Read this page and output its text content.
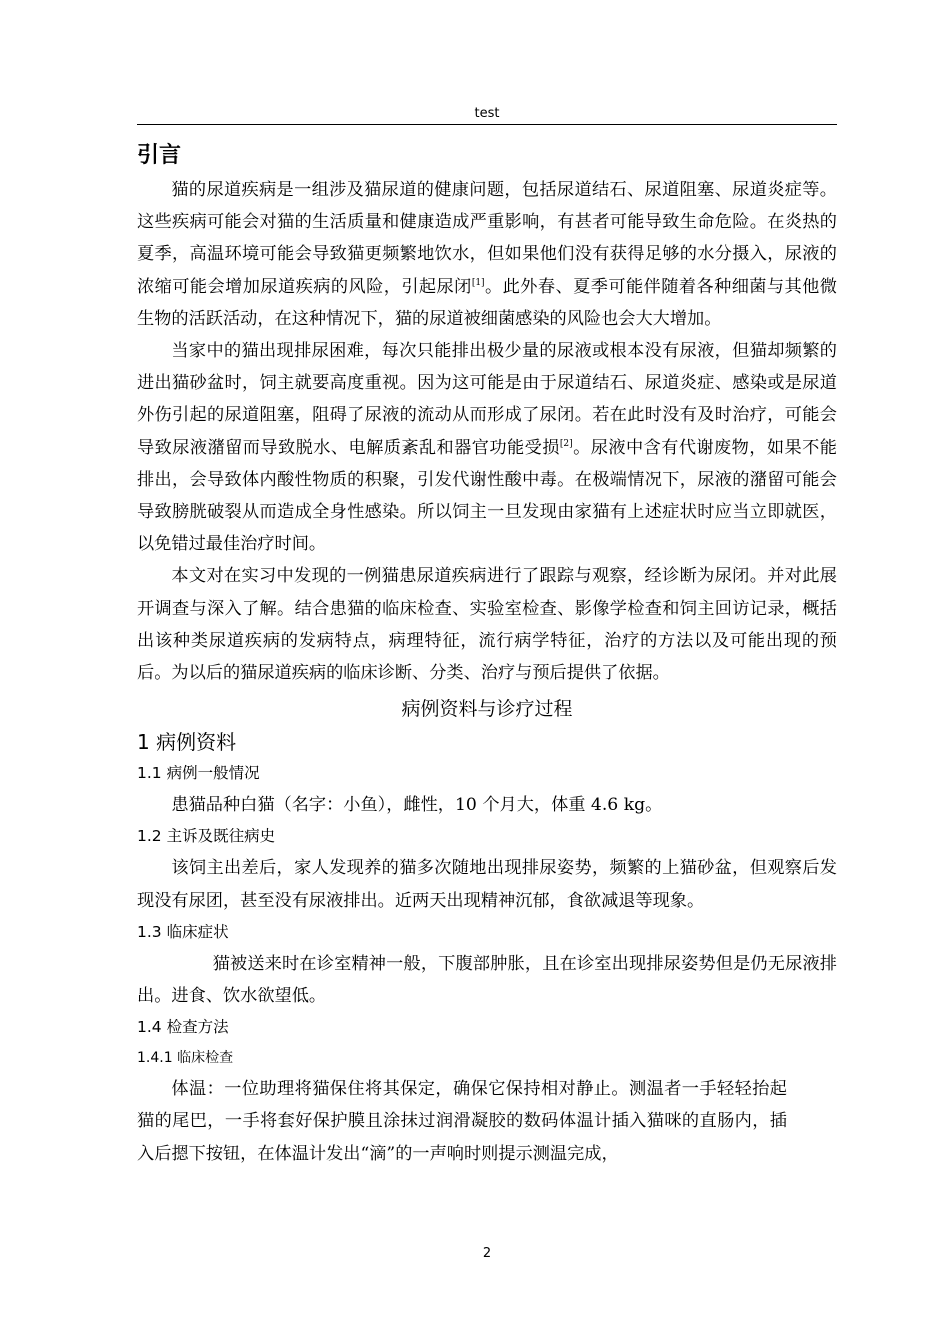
test
引言

猫的尿道疾病是一组涉及猫尿道的健康问题，包括尿道结石、尿道阻塞、尿道炎症等。这些疾病可能会对猫的生活质量和健康造成严重影响，有甚者可能导致生命危险。在炎热的夏季，高温环境可能会导致猫更频繁地饮水，但如果他们没有获得足够的水分摄入，尿液的浓缩可能会增加尿道疾病的风险，引起尿闭[1]。此外春、夏季可能伴随着各种细菌与其他微生物的活跃活动，在这种情况下，猫的尿道被细菌感染的风险也会大大增加。

当家中的猫出现排尿困难，每次只能排出极少量的尿液或根本没有尿液，但猫却频繁的进出猫砂盆时，饲主就要高度重视。因为这可能是由于尿道结石、尿道炎症、感染或是尿道外伤引起的尿道阻塞，阻碍了尿液的流动从而形成了尿闭。若在此时没有及时治疗，可能会导致尿液潴留而导致脱水、电解质紊乱和器官功能受损[2]。尿液中含有代谢废物，如果不能排出，会导致体内酸性物质的积聚，引发代谢性酸中毒。在极端情况下，尿液的潴留可能会导致膀胱破裂从而造成全身性感染。所以饲主一旦发现由家猫有上述症状时应当立即就医，以免错过最佳治疗时间。

本文对在实习中发现的一例猫患尿道疾病进行了跟踪与观察，经诊断为尿闭。并对此展开调查与深入了解。结合患猫的临床检查、实验室检查、影像学检查和饲主回访记录，概括出该种类尿道疾病的发病特点，病理特征，流行病学特征，治疗的方法以及可能出现的预后。为以后的猫尿道疾病的临床诊断、分类、治疗与预后提供了依据。

病例资料与诊疗过程
1 病例资料
1.1 病例一般情况

患猫品种白猫（名字：小鱼），雌性，10 个月大，体重 4.6 kg。

1.2 主诉及既往病史

该饲主出差后，家人发现养的猫多次随地出现排尿姿势，频繁的上猫砂盆，但观察后发现没有尿团，甚至没有尿液排出。近两天出现精神沉郁，食欲减退等现象。

1.3 临床症状

猫被送来时在诊室精神一般，下腹部肿胀，且在诊室出现排尿姿势但是仍无尿液排出。进食、饮水欲望低。

1.4 检查方法
1.4.1 临床检查

体温：一位助理将猫保住将其保定，确保它保持相对静止。测温者一手轻轻抬起猫的尾巴，一手将套好保护膜且涂抹过润滑凝胶的数码体温计插入猫咪的直肠内，插入后摁下按钮，在体温计发出“滴”的一声响时则提示测温完成，

2
